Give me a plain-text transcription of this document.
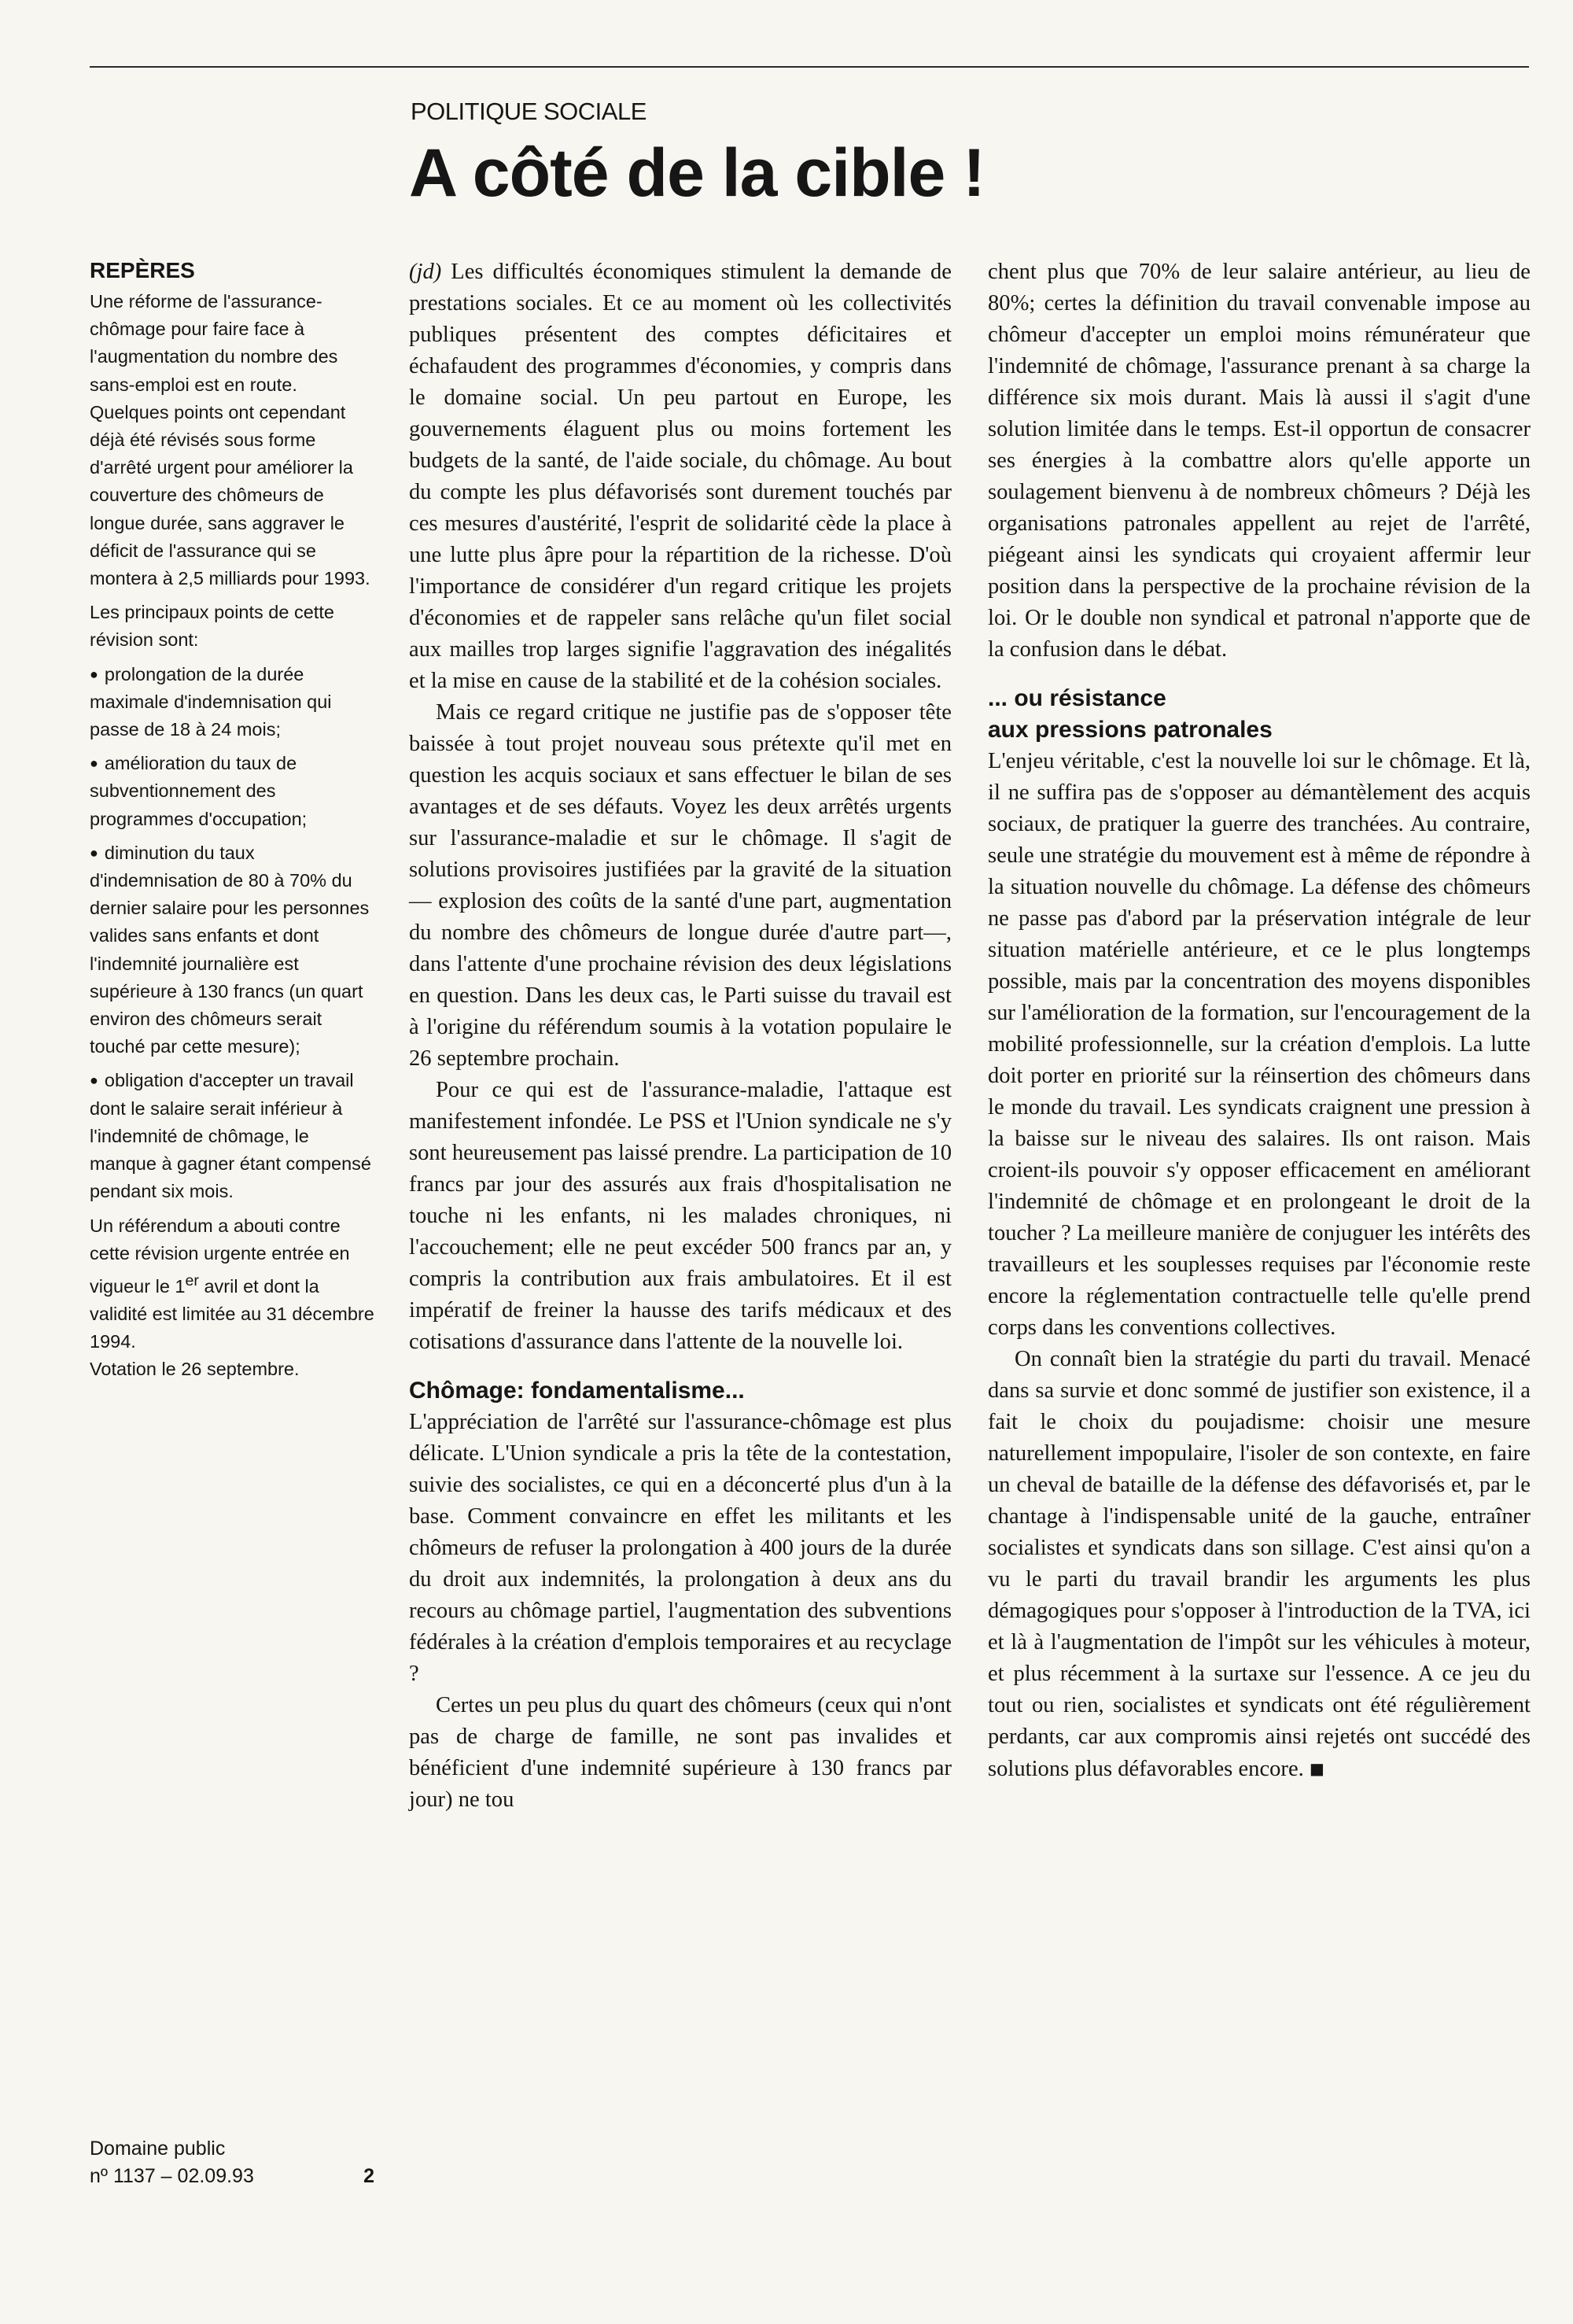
POLITIQUE SOCIALE
A côté de la cible !
REPÈRES

Une réforme de l'assurance-chômage pour faire face à l'augmentation du nombre des sans-emploi est en route. Quelques points ont cependant déjà été révisés sous forme d'arrêté urgent pour améliorer la couverture des chômeurs de longue durée, sans aggraver le déficit de l'assurance qui se montera à 2,5 milliards pour 1993.

Les principaux points de cette révision sont:

● prolongation de la durée maximale d'indemnisation qui passe de 18 à 24 mois;
● amélioration du taux de subventionnement des programmes d'occupation;
● diminution du taux d'indemnisation de 80 à 70% du dernier salaire pour les personnes valides sans enfants et dont l'indemnité journalière est supérieure à 130 francs (un quart environ des chômeurs serait touché par cette mesure);
● obligation d'accepter un travail dont le salaire serait inférieur à l'indemnité de chômage, le manque à gagner étant compensé pendant six mois.

Un référendum a abouti contre cette révision urgente entrée en vigueur le 1er avril et dont la validité est limitée au 31 décembre 1994.
Votation le 26 septembre.

Domaine public
nº 1137 – 02.09.93	2

(jd) Les difficultés économiques stimulent la demande de prestations sociales. Et ce au moment où les collectivités publiques présentent des comptes déficitaires et échafaudent des programmes d'économies, y compris dans le domaine social. Un peu partout en Europe, les gouvernements élaguent plus ou moins fortement les budgets de la santé, de l'aide sociale, du chômage. Au bout du compte les plus défavorisés sont durement touchés par ces mesures d'austérité, l'esprit de solidarité cède la place à une lutte plus âpre pour la répartition de la richesse. D'où l'importance de considérer d'un regard critique les projets d'économies et de rappeler sans relâche qu'un filet social aux mailles trop larges signifie l'aggravation des inégalités et la mise en cause de la stabilité et de la cohésion sociales.

Mais ce regard critique ne justifie pas de s'opposer tête baissée à tout projet nouveau sous prétexte qu'il met en question les acquis sociaux et sans effectuer le bilan de ses avantages et de ses défauts. Voyez les deux arrêtés urgents sur l'assurance-maladie et sur le chômage. Il s'agit de solutions provisoires justifiées par la gravité de la situation — explosion des coûts de la santé d'une part, augmentation du nombre des chômeurs de longue durée d'autre part—, dans l'attente d'une prochaine révision des deux législations en question. Dans les deux cas, le Parti suisse du travail est à l'origine du référendum soumis à la votation populaire le 26 septembre prochain.

Pour ce qui est de l'assurance-maladie, l'attaque est manifestement infondée. Le PSS et l'Union syndicale ne s'y sont heureusement pas laissé prendre. La participation de 10 francs par jour des assurés aux frais d'hospitalisation ne touche ni les enfants, ni les malades chroniques, ni l'accouchement; elle ne peut excéder 500 francs par an, y compris la contribution aux frais ambulatoires. Et il est impératif de freiner la hausse des tarifs médicaux et des cotisations d'assurance dans l'attente de la nouvelle loi.

Chômage: fondamentalisme...

L'appréciation de l'arrêté sur l'assurance-chômage est plus délicate. L'Union syndicale a pris la tête de la contestation, suivie des socialistes, ce qui en a déconcerté plus d'un à la base. Comment convaincre en effet les militants et les chômeurs de refuser la prolongation à 400 jours de la durée du droit aux indemnités, la prolongation à deux ans du recours au chômage partiel, l'augmentation des subventions fédérales à la création d'emplois temporaires et au recyclage ?

Certes un peu plus du quart des chômeurs (ceux qui n'ont pas de charge de famille, ne sont pas invalides et bénéficient d'une indemnité supérieure à 130 francs par jour) ne tou

chent plus que 70% de leur salaire antérieur, au lieu de 80%; certes la définition du travail convenable impose au chômeur d'accepter un emploi moins rémunérateur que l'indemnité de chômage, l'assurance prenant à sa charge la différence six mois durant. Mais là aussi il s'agit d'une solution limitée dans le temps. Est-il opportun de consacrer ses énergies à la combattre alors qu'elle apporte un soulagement bienvenu à de nombreux chômeurs ? Déjà les organisations patronales appellent au rejet de l'arrêté, piégeant ainsi les syndicats qui croyaient affermir leur position dans la perspective de la prochaine révision de la loi. Or le double non syndical et patronal n'apporte que de la confusion dans le débat.

... ou résistance
aux pressions patronales

L'enjeu véritable, c'est la nouvelle loi sur le chômage. Et là, il ne suffira pas de s'opposer au démantèlement des acquis sociaux, de pratiquer la guerre des tranchées. Au contraire, seule une stratégie du mouvement est à même de répondre à la situation nouvelle du chômage. La défense des chômeurs ne passe pas d'abord par la préservation intégrale de leur situation matérielle antérieure, et ce le plus longtemps possible, mais par la concentration des moyens disponibles sur l'amélioration de la formation, sur l'encouragement de la mobilité professionnelle, sur la création d'emplois. La lutte doit porter en priorité sur la réinsertion des chômeurs dans le monde du travail. Les syndicats craignent une pression à la baisse sur le niveau des salaires. Ils ont raison. Mais croient-ils pouvoir s'y opposer efficacement en améliorant l'indemnité de chômage et en prolongeant le droit de la toucher ? La meilleure manière de conjuguer les intérêts des travailleurs et les souplesses requises par l'économie reste encore la réglementation contractuelle telle qu'elle prend corps dans les conventions collectives.

On connaît bien la stratégie du parti du travail. Menacé dans sa survie et donc sommé de justifier son existence, il a fait le choix du poujadisme: choisir une mesure naturellement impopulaire, l'isoler de son contexte, en faire un cheval de bataille de la défense des défavorisés et, par le chantage à l'indispensable unité de la gauche, entraîner socialistes et syndicats dans son sillage. C'est ainsi qu'on a vu le parti du travail brandir les arguments les plus démagogiques pour s'opposer à l'introduction de la TVA, ici et là à l'augmentation de l'impôt sur les véhicules à moteur, et plus récemment à la surtaxe sur l'essence. A ce jeu du tout ou rien, socialistes et syndicats ont été régulièrement perdants, car aux compromis ainsi rejetés ont succédé des solutions plus défavorables encore. ■
